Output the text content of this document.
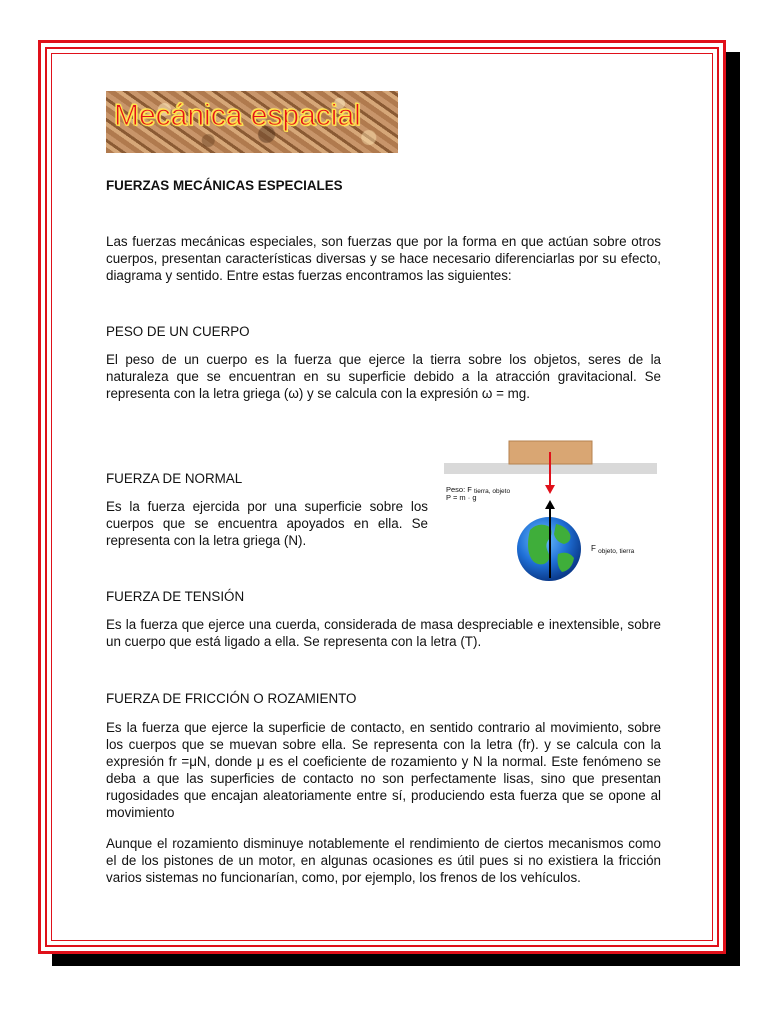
Mecánica espacial

FUERZAS MECÁNICAS ESPECIALES

Las fuerzas mecánicas especiales, son fuerzas que por la forma en que actúan sobre otros cuerpos, presentan características diversas y se hace necesario diferenciarlas por su efecto, diagrama y sentido. Entre estas fuerzas encontramos las siguientes:

PESO DE UN CUERPO

El peso de un cuerpo es la fuerza que ejerce la tierra sobre los objetos, seres de la naturaleza que se encuentran en su superficie debido a la atracción gravitacional. Se representa con la letra griega (ω) y se calcula con la expresión ω = mg.

FUERZA DE NORMAL

Es la fuerza ejercida por una superficie sobre los cuerpos que se encuentra apoyados en ella. Se representa con la letra griega (N).

Peso: F tierra, objeto
P = m · g
F $_{objeto, tierra}$

FUERZA DE TENSIÓN

Es la fuerza que ejerce una cuerda, considerada de masa despreciable e inextensible, sobre un cuerpo que está ligado a ella. Se representa con la letra (T).

FUERZA DE FRICCIÓN O ROZAMIENTO

Es la fuerza que ejerce la superficie de contacto, en sentido contrario al movimiento, sobre los cuerpos que se muevan sobre ella. Se representa con la letra (fr). y se calcula con la expresión fr =μN, donde μ es el coeficiente de rozamiento y N la normal. Este fenómeno se deba a que las superficies de contacto no son perfectamente lisas, sino que presentan rugosidades que encajan aleatoriamente entre sí, produciendo esta fuerza que se opone al movimiento

Aunque el rozamiento disminuye notablemente el rendimiento de ciertos mecanismos como el de los pistones de un motor, en algunas ocasiones es útil pues si no existiera la fricción varios sistemas no funcionarían, como, por ejemplo, los frenos de los vehículos.
